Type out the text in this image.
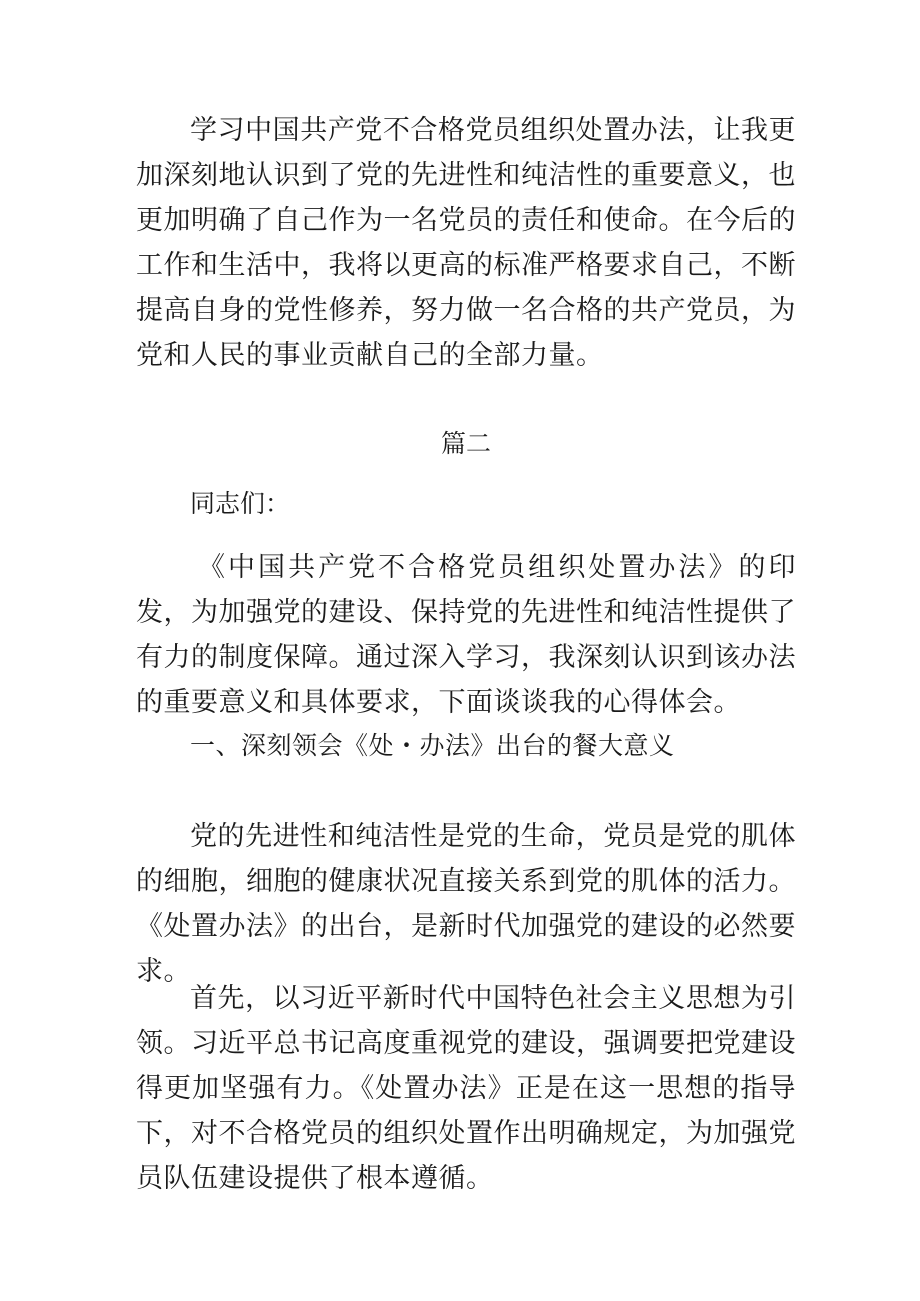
学习中国共产党不合格党员组织处置办法，让我更加深刻地认识到了党的先进性和纯洁性的重要意义，也更加明确了自己作为一名党员的责任和使命。在今后的工作和生活中，我将以更高的标准严格要求自己，不断提高自身的党性修养，努力做一名合格的共产党员，为党和人民的事业贡献自己的全部力量。

篇二

同志们：

《中国共产党不合格党员组织处置办法》的印发，为加强党的建设、保持党的先进性和纯洁性提供了有力的制度保障。通过深入学习，我深刻认识到该办法的重要意义和具体要求，下面谈谈我的心得体会。

一、深刻领会《处・办法》出台的餐大意义

党的先进性和纯洁性是党的生命，党员是党的肌体的细胞，细胞的健康状况直接关系到党的肌体的活力。《处置办法》的出台，是新时代加强党的建设的必然要求。

首先，以习近平新时代中国特色社会主义思想为引领。习近平总书记高度重视党的建设，强调要把党建设得更加坚强有力。《处置办法》正是在这一思想的指导下，对不合格党员的组织处置作出明确规定，为加强党员队伍建设提供了根本遵循。
